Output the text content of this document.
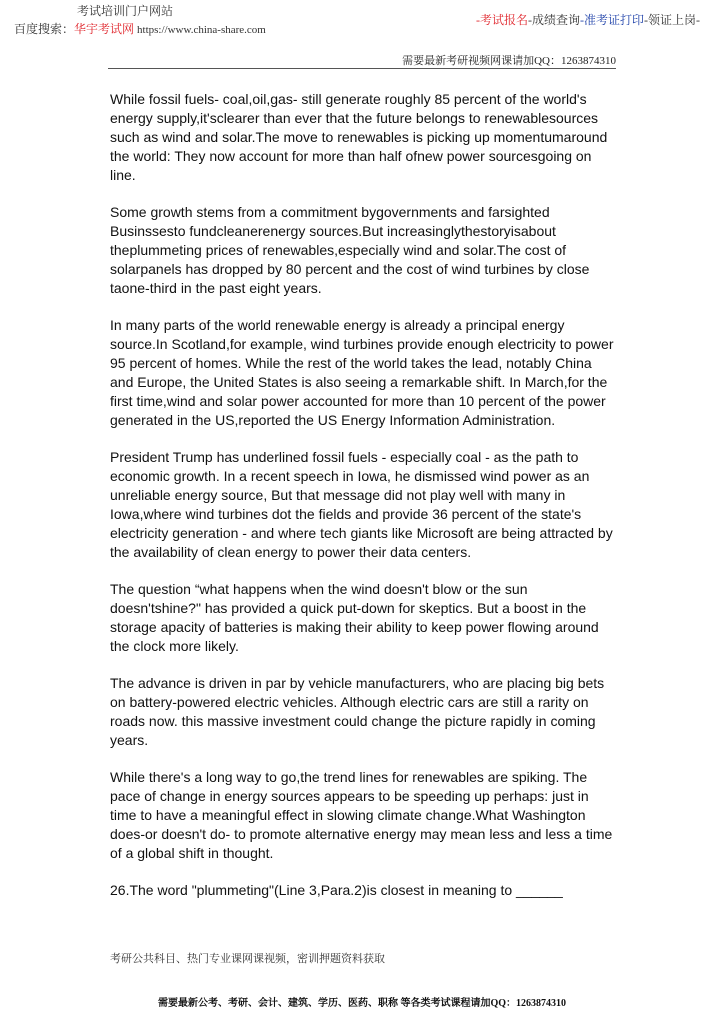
考试培训门户网站
百度搜索：华宇考试网 https://www.china-share.com
-考试报名-成绩查询-准考证打印-领证上岗-
需要最新考研视频网课请加QQ：1263874310

While fossil fuels- coal,oil,gas- still generate roughly 85 percent of the world's energy supply,it'sclearer than ever that the future belongs to renewablesources such as wind and solar.The move to renewables is picking up momentumaround the world: They now account for more than half ofnew power sourcesgoing on line.

Some growth stems from a commitment bygovernments and farsighted Businssesto fundcleanerenergy sources.But increasinglythestoryisabout theplummeting prices of renewables,especially wind and solar.The cost of solarpanels has dropped by 80 percent and the cost of wind turbines by close taone-third in the past eight years.

In many parts of the world renewable energy is already a principal energy source.In Scotland,for example, wind turbines provide enough electricity to power 95 percent of homes. While the rest of the world takes the lead, notably China and Europe, the United States is also seeing a remarkable shift. In March,for the first time,wind and solar power accounted for more than 10 percent of the power generated in the US,reported the US Energy Information Administration.

President Trump has underlined fossil fuels - especially coal - as the path to economic growth. In a recent speech in Iowa, he dismissed wind power as an unreliable energy source, But that message did not play well with many in Iowa,where wind turbines dot the fields and provide 36 percent of the state's electricity generation - and where tech giants like Microsoft are being attracted by the availability of clean energy to power their data centers.

The question “what happens when the wind doesn't blow or the sun doesn'tshine?" has provided a quick put-down for skeptics. But a boost in the storage apacity of batteries is making their ability to keep power flowing around the clock more likely.

The advance is driven in par by vehicle manufacturers, who are placing big bets on battery-powered electric vehicles. Although electric cars are still a rarity on roads now. this massive investment could change the picture rapidly in coming years.

While there's a long way to go,the trend lines for renewables are spiking. The pace of change in energy sources appears to be speeding up perhaps: just in time to have a meaningful effect in slowing climate change.What Washington does-or doesn't do- to promote alternative energy may mean less and less a time of a global shift in thought.

26.The word "plummeting"(Line 3,Para.2)is closest in meaning to ______

考研公共科目、热门专业课网课视频，密训押题资料获取
需要最新公考、考研、会计、建筑、学历、医药、职称 等各类考试课程请加QQ：1263874310
